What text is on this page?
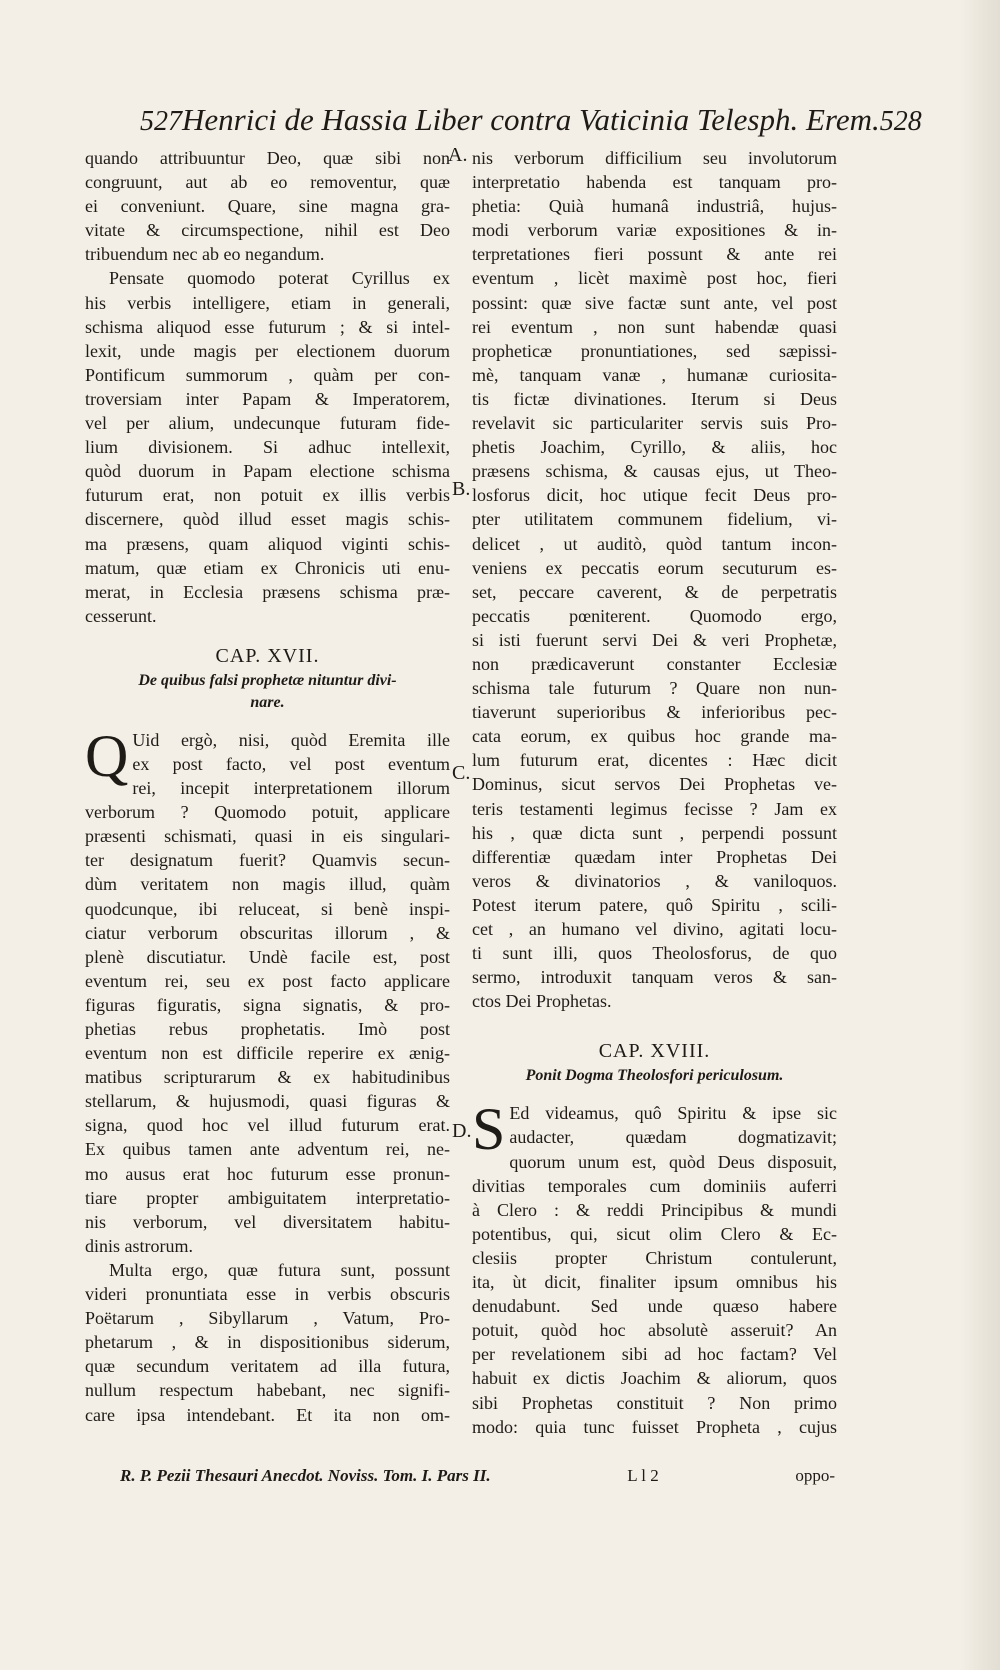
527 Henrici de Hassia Liber contra Vaticinia Telesph. Erem. 528
quando attribuuntur Deo, quæ sibi non
congruunt, aut ab eo removentur, quæ
ei conveniunt. Quare, sine magna gra-
vitate & circumspectione, nihil est Deo
tribuendum nec ab eo negandum.
Pensate quomodo poterat Cyrillus ex
his verbis intelligere, etiam in generali,
schisma aliquod esse futurum ; & si intel-
lexit, unde magis per electionem duorum
Pontificum summorum , quàm per con-
troversiam inter Papam & Imperatorem,
vel per alium, undecunque futuram fide-
lium divisionem. Si adhuc intellexit,
quòd duorum in Papam electione schisma
futurum erat, non potuit ex illis verbis
discernere, quòd illud esset magis schis-
ma præsens, quam aliquod viginti schis-
matum, quæ etiam ex Chronicis uti enu-
merat, in Ecclesia præsens schisma præ-
cesserunt.
CAP. XVII.
De quibus falsi prophetæ nituntur divi-
nare.
Q Uid ergò, nisi, quòd Eremita ille
ex post facto, vel post eventum
rei, incepit interpretationem illorum
verborum ? Quomodo potuit, applicare
præsenti schismati, quasi in eis singulari-
ter designatum fuerit? Quamvis secun-
dùm veritatem non magis illud, quàm
quodcunque, ibi reluceat, si benè inspi-
ciatur verborum obscuritas illorum , &
plenè discutiatur. Undè facile est, post
eventum rei, seu ex post facto applicare
figuras figuratis, signa signatis, & pro-
phetias rebus prophetatis. Imò post
eventum non est difficile reperire ex ænig-
matibus scripturarum & ex habitudinibus
stellarum, & hujusmodi, quasi figuras &
signa, quod hoc vel illud futurum erat.
Ex quibus tamen ante adventum rei, ne-
mo ausus erat hoc futurum esse pronun-
tiare propter ambiguitatem interpretatio-
nis verborum, vel diversitatem habitu-
dinis astrorum.
Multa ergo, quæ futura sunt, possunt
videri pronuntiata esse in verbis obscuris
Poëtarum , Sibyllarum , Vatum, Pro-
phetarum , & in dispositionibus siderum,
quæ secundum veritatem ad illa futura,
nullum respectum habebant, nec signifi-
care ipsa intendebant. Et ita non om-
nis verborum difficilium seu involutorum
interpretatio habenda est tanquam pro-
phetia: Quià humanâ industriâ, hujus-
modi verborum variæ expositiones & in-
terpretationes fieri possunt & ante rei
eventum , licèt maximè post hoc, fieri
possint: quæ sive factæ sunt ante, vel post
rei eventum , non sunt habendæ quasi
propheticæ pronuntiationes, sed sæpissi-
mè, tanquam vanæ , humanæ curiosita-
tis fictæ divinationes. Iterum si Deus
revelavit sic particulariter servis suis Pro-
phetis Joachim, Cyrillo, & aliis, hoc
præsens schisma, & causas ejus, ut Theo-
losforus dicit, hoc utique fecit Deus pro-
pter utilitatem communem fidelium, vi-
delicet , ut auditò, quòd tantum incon-
veniens ex peccatis eorum secuturum es-
set, peccare caverent, & de perpetratis
peccatis pœniterent. Quomodo ergo,
si isti fuerunt servi Dei & veri Prophetæ,
non prædicaverunt constanter Ecclesiæ
schisma tale futurum ? Quare non nun-
tiaverunt superioribus & inferioribus pec-
cata eorum, ex quibus hoc grande ma-
lum futurum erat, dicentes : Hæc dicit
Dominus, sicut servos Dei Prophetas ve-
teris testamenti legimus fecisse ? Jam ex
his , quæ dicta sunt , perpendi possunt
differentiæ quædam inter Prophetas Dei
veros & divinatorios , & vaniloquos.
Potest iterum patere, quô Spiritu , scili-
cet , an humano vel divino, agitati locu-
ti sunt illi, quos Theolosforus, de quo
sermo, introduxit tanquam veros & san-
ctos Dei Prophetas.
CAP. XVIII.
Ponit Dogma Theolosfori periculosum.
S Ed videamus, quô Spiritu & ipse sic
audacter, quædam dogmatizavit;
quorum unum est, quòd Deus disposuit,
divitias temporales cum dominiis auferri
à Clero : & reddi Principibus & mundi
potentibus, qui, sicut olim Clero & Ec-
clesiis propter Christum contulerunt,
ita, ùt dicit, finaliter ipsum omnibus his
denudabunt. Sed unde quæso habere
potuit, quòd hoc absolutè asseruit? An
per revelationem sibi ad hoc factam? Vel
habuit ex dictis Joachim & aliorum, quos
sibi Prophetas constituit ? Non primo
modo: quia tunc fuisset Propheta , cujus
A.
B.
C.
D.
R. P. Pezii Thesauri Anecdot. Noviss. Tom. I. Pars II.	L l 2	oppo-
